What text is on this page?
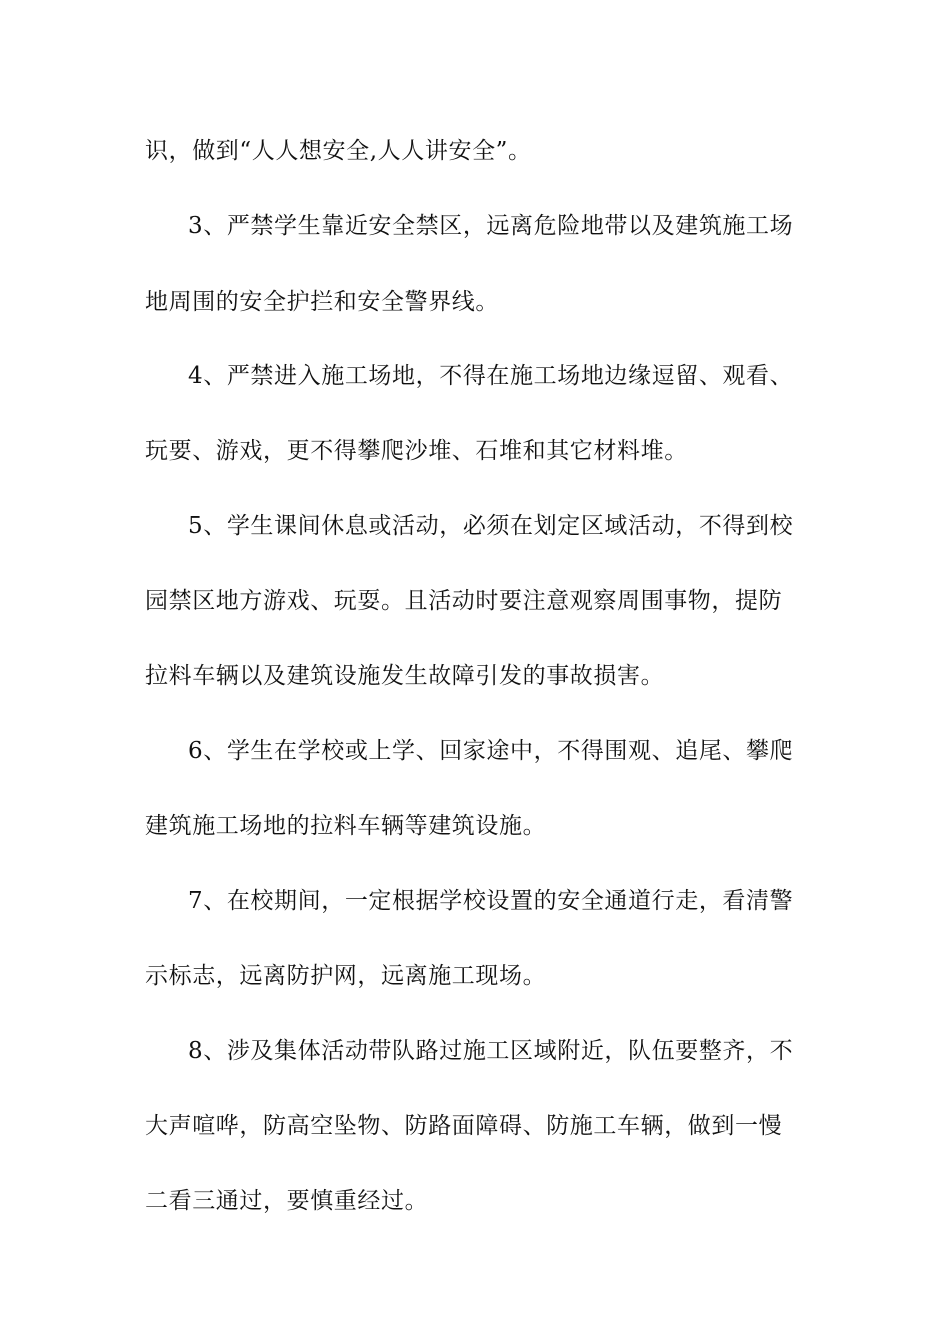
识，做到“人人想安全,人人讲安全”。
3、严禁学生靠近安全禁区，远离危险地带以及建筑施工场
地周围的安全护拦和安全警界线。
4、严禁进入施工场地，不得在施工场地边缘逗留、观看、
玩要、游戏，更不得攀爬沙堆、石堆和其它材料堆。
5、学生课间休息或活动，必须在划定区域活动，不得到校
园禁区地方游戏、玩耍。且活动时要注意观察周围事物，提防
拉料车辆以及建筑设施发生故障引发的事故损害。
6、学生在学校或上学、回家途中，不得围观、追尾、攀爬
建筑施工场地的拉料车辆等建筑设施。
7、在校期间，一定根据学校设置的安全通道行走，看清警
示标志，远离防护网，远离施工现场。
8、涉及集体活动带队路过施工区域附近，队伍要整齐，不
大声喧哗，防高空坠物、防路面障碍、防施工车辆，做到一慢
二看三通过，要慎重经过。
